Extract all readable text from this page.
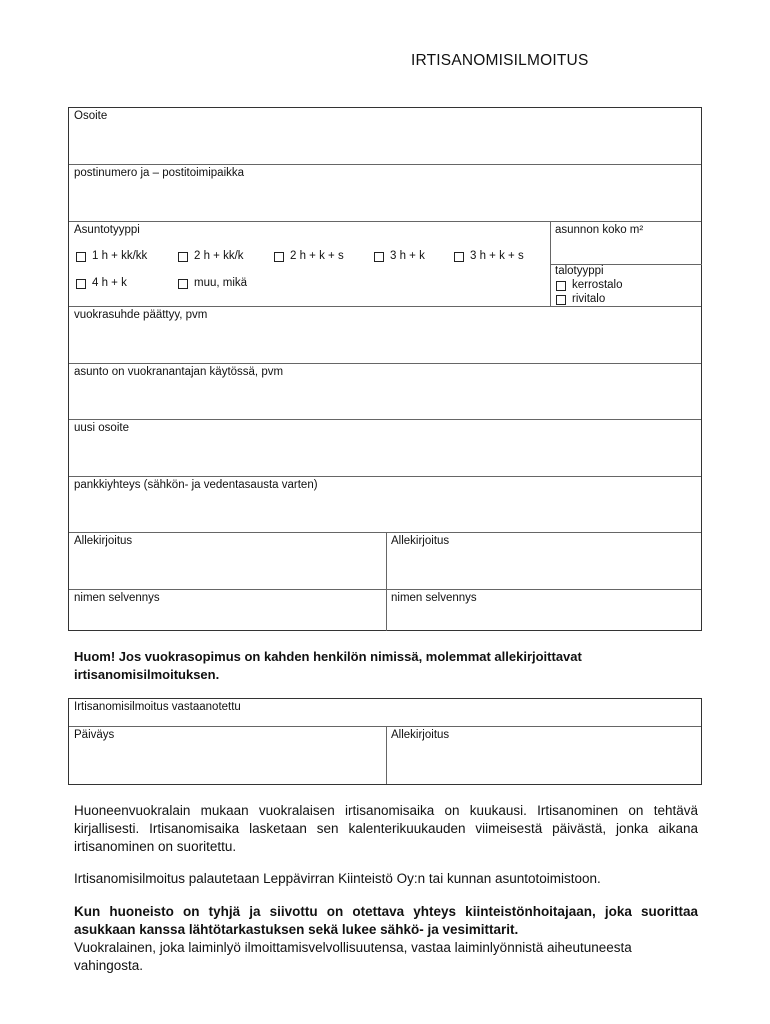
IRTISANOMISILMOITUS
Osoite
postinumero ja – postitoimipaikka
Asuntotyyppi
1 h + kk/kk	2 h + kk/k	2 h + k + s	3 h + k	3 h + k + s
4 h + k	muu, mikä
asunnon koko m²
talotyyppi
kerrostalo
rivitalo
vuokrasuhde päättyy, pvm
asunto on vuokranantajan käytössä, pvm
uusi osoite
pankkiyhteys (sähkön- ja vedentasausta varten)
Allekirjoitus	Allekirjoitus
nimen selvennys	nimen selvennys
Huom! Jos vuokrasopimus on kahden henkilön nimissä, molemmat allekirjoittavat irtisanomisilmoituksen.
Irtisanomisilmoitus vastaanotettu
Päiväys	Allekirjoitus
Huoneenvuokralain mukaan vuokralaisen irtisanomisaika on kuukausi. Irtisanominen on tehtävä kirjallisesti. Irtisanomisaika lasketaan sen kalenterikuukauden viimeisestä päivästä, jonka aikana irtisanominen on suoritettu.
Irtisanomisilmoitus palautetaan Leppävirran Kiinteistö Oy:n tai kunnan asuntotoimistoon.
Kun huoneisto on tyhjä ja siivottu on otettava yhteys kiinteistönhoitajaan, joka suorittaa asukkaan kanssa lähtötarkastuksen sekä lukee sähkö- ja vesimittarit.
Vuokralainen, joka laiminlyö ilmoittamisvelvollisuutensa, vastaa laiminlyönnistä aiheutuneesta vahingosta.
